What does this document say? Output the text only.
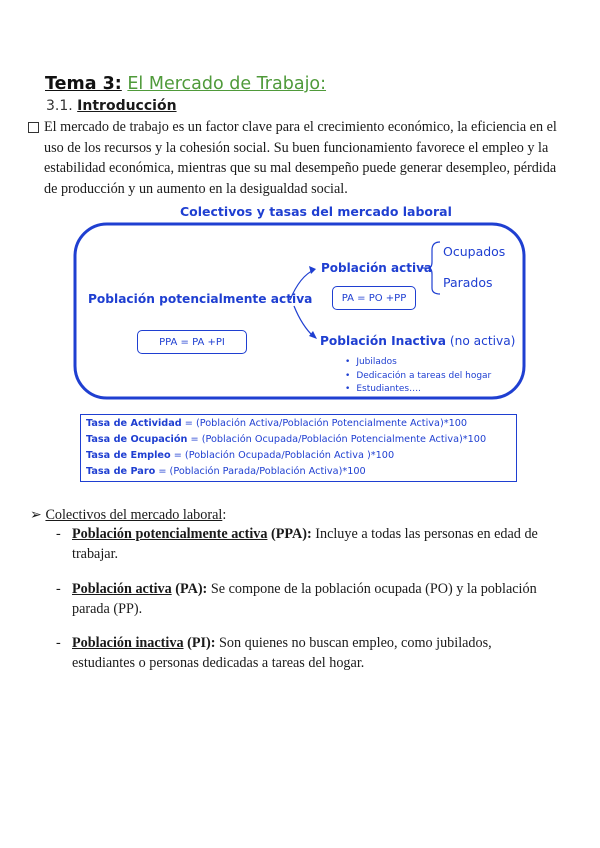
Tema 3: El Mercado de Trabajo:
3.1. Introducción
El mercado de trabajo es un factor clave para el crecimiento económico, la eficiencia en el uso de los recursos y la cohesión social. Su buen funcionamiento favorece el empleo y la estabilidad económica, mientras que su mal desempeño puede generar desempleo, pérdida de producción y un aumento en la desigualdad social.
Colectivos y tasas del mercado laboral
Población potencialmente activa
PPA = PA +PI
Población activa
PA = PO +PP
Ocupados
Parados
Población Inactiva (no activa)
• Jubilados
• Dedicación a tareas del hogar
• Estudiantes….
Tasa de Actividad = (Población Activa/Población Potencialmente Activa)*100
Tasa de Ocupación = (Población Ocupada/Población Potencialmente Activa)*100
Tasa de Empleo = (Población Ocupada/Población Activa )*100
Tasa de Paro = (Población Parada/Población Activa)*100
➢ Colectivos del mercado laboral:
- Población potencialmente activa (PPA): Incluye a todas las personas en edad de trabajar.
- Población activa (PA): Se compone de la población ocupada (PO) y la población parada (PP).
- Población inactiva (PI): Son quienes no buscan empleo, como jubilados, estudiantes o personas dedicadas a tareas del hogar.
